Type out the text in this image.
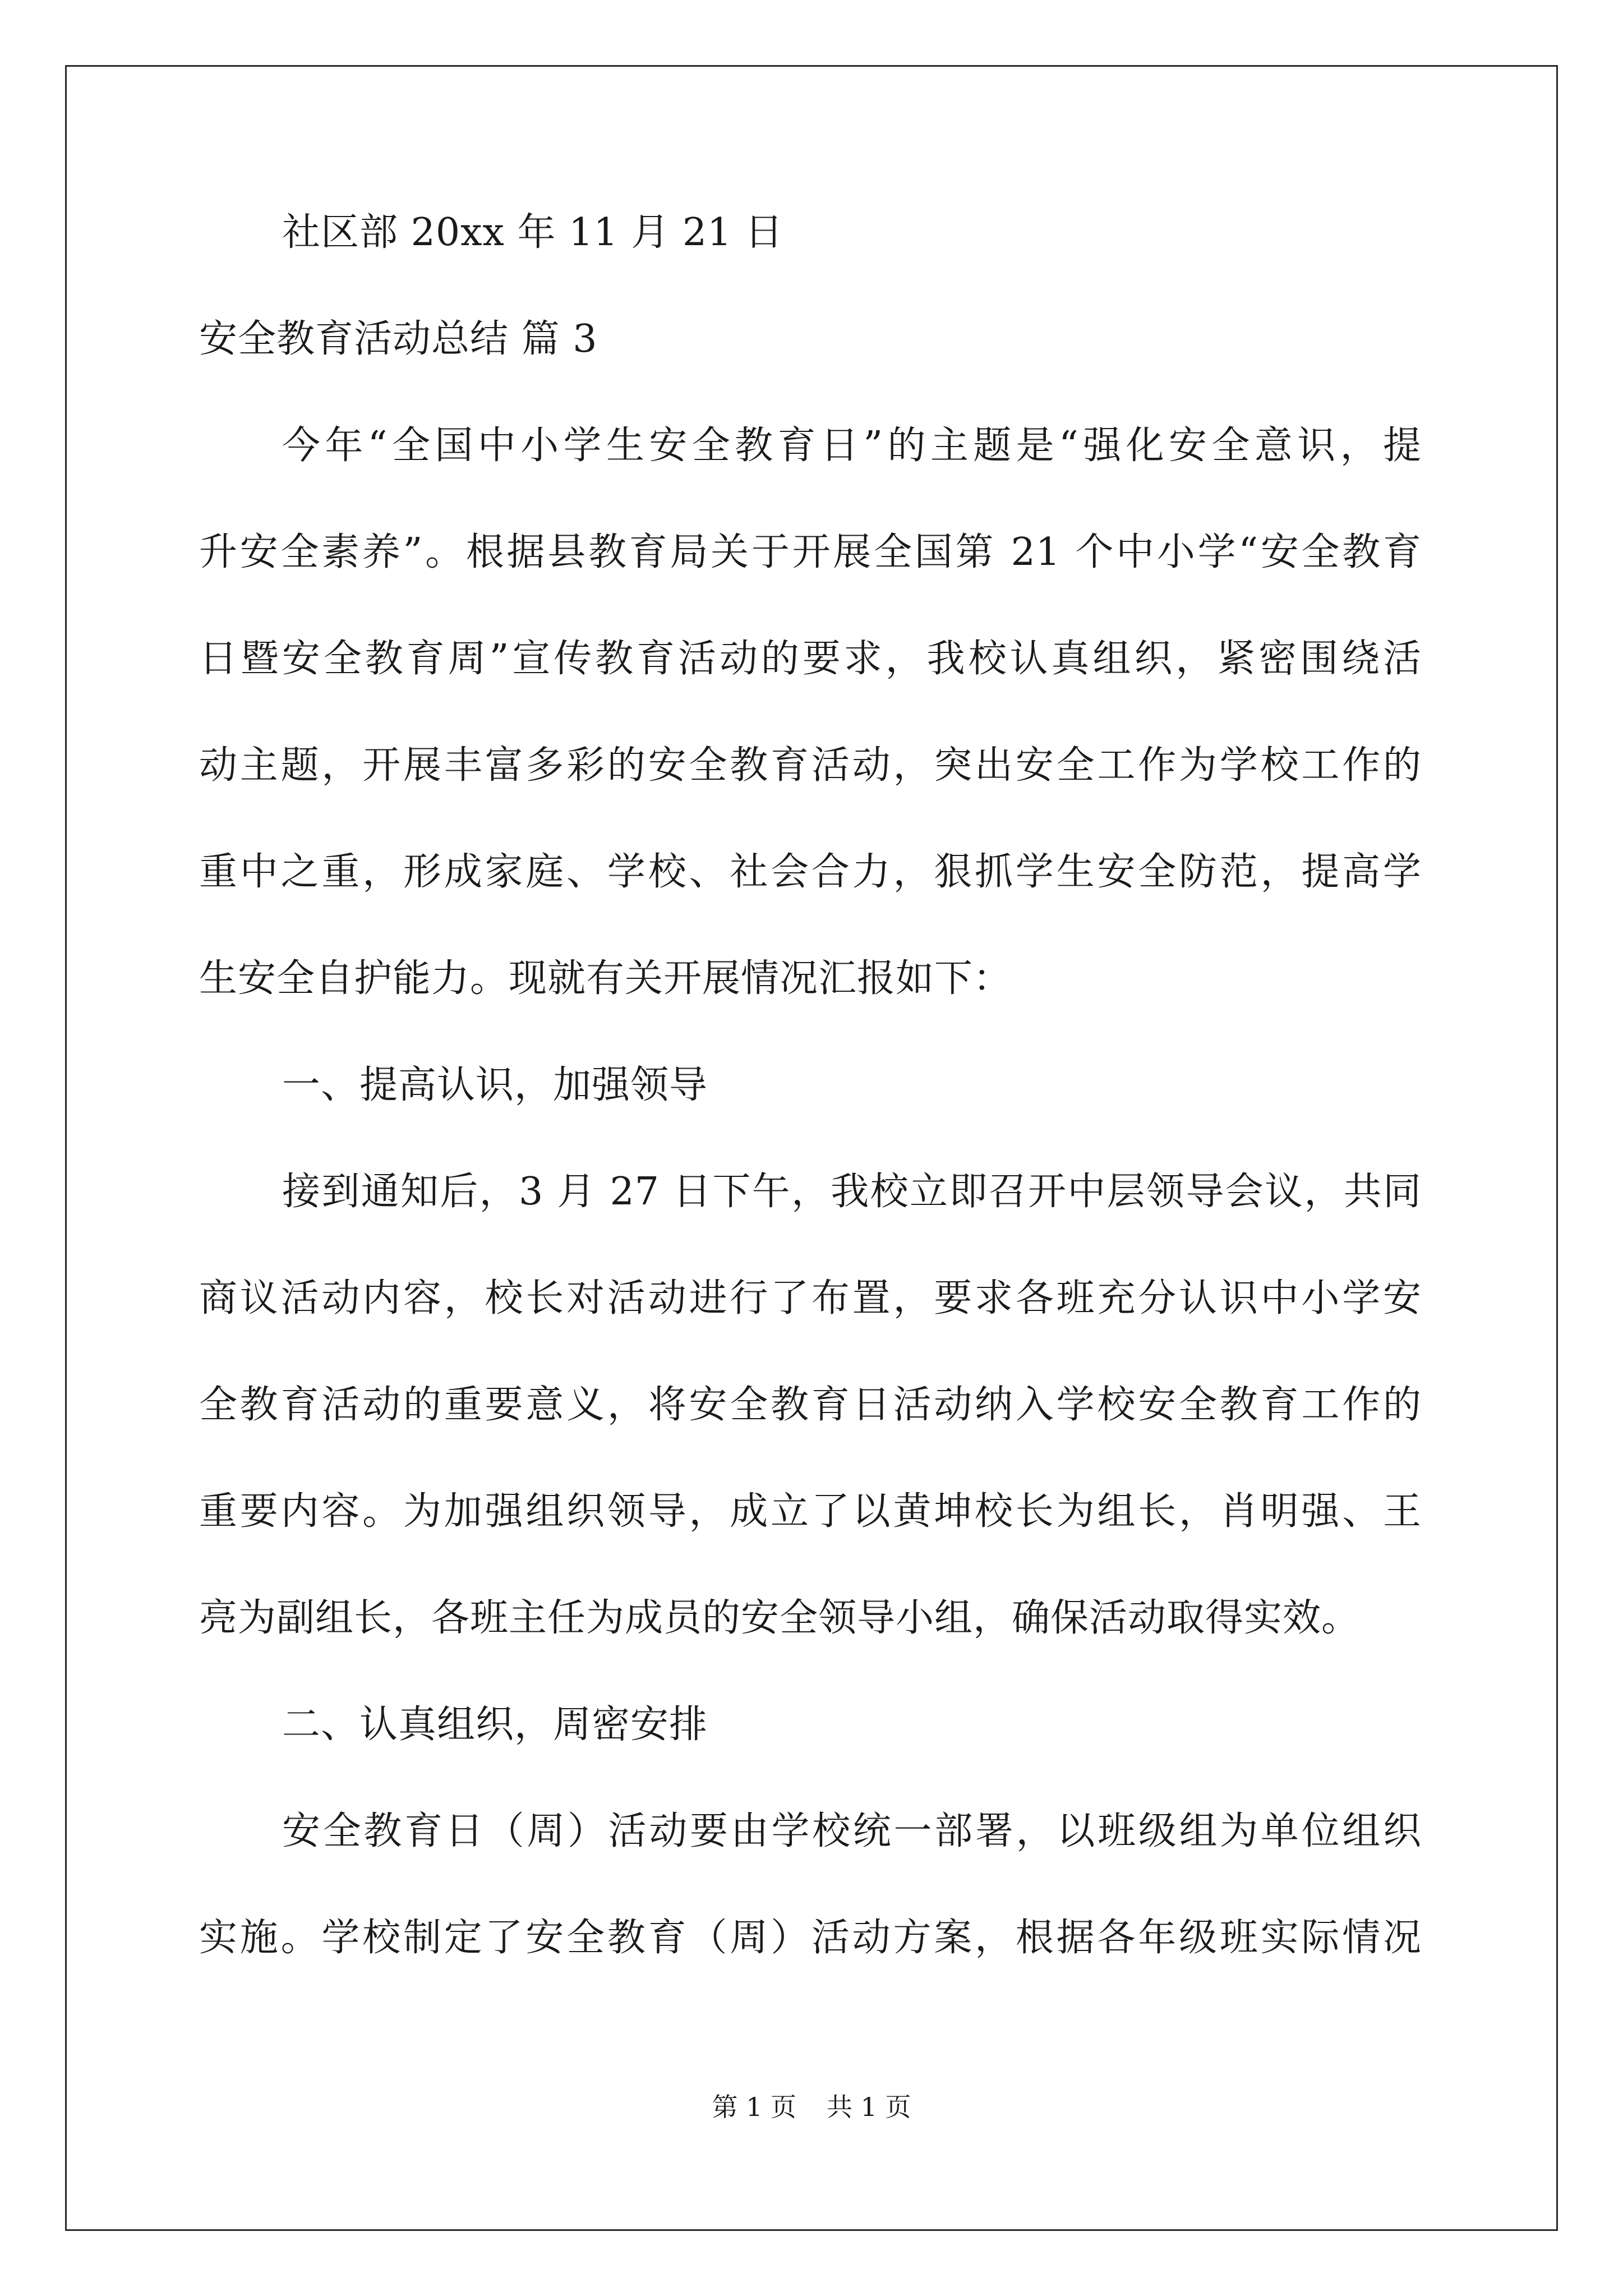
社区部 20xx 年 11 月 21 日
安全教育活动总结 篇 3
今年“全国中小学生安全教育日”的主题是“强化安全意识，提
升安全素养”。根据县教育局关于开展全国第 21 个中小学“安全教育
日暨安全教育周”宣传教育活动的要求，我校认真组织，紧密围绕活
动主题，开展丰富多彩的安全教育活动，突出安全工作为学校工作的
重中之重，形成家庭、学校、社会合力，狠抓学生安全防范，提高学
生安全自护能力。现就有关开展情况汇报如下：
一、提高认识，加强领导
接到通知后，3 月 27 日下午，我校立即召开中层领导会议，共同
商议活动内容，校长对活动进行了布置，要求各班充分认识中小学安
全教育活动的重要意义，将安全教育日活动纳入学校安全教育工作的
重要内容。为加强组织领导，成立了以黄坤校长为组长，肖明强、王
亮为副组长，各班主任为成员的安全领导小组，确保活动取得实效。
二、认真组织，周密安排
安全教育日（周）活动要由学校统一部署，以班级组为单位组织
实施。学校制定了安全教育（周）活动方案，根据各年级班实际情况
第 1 页 共 1 页
